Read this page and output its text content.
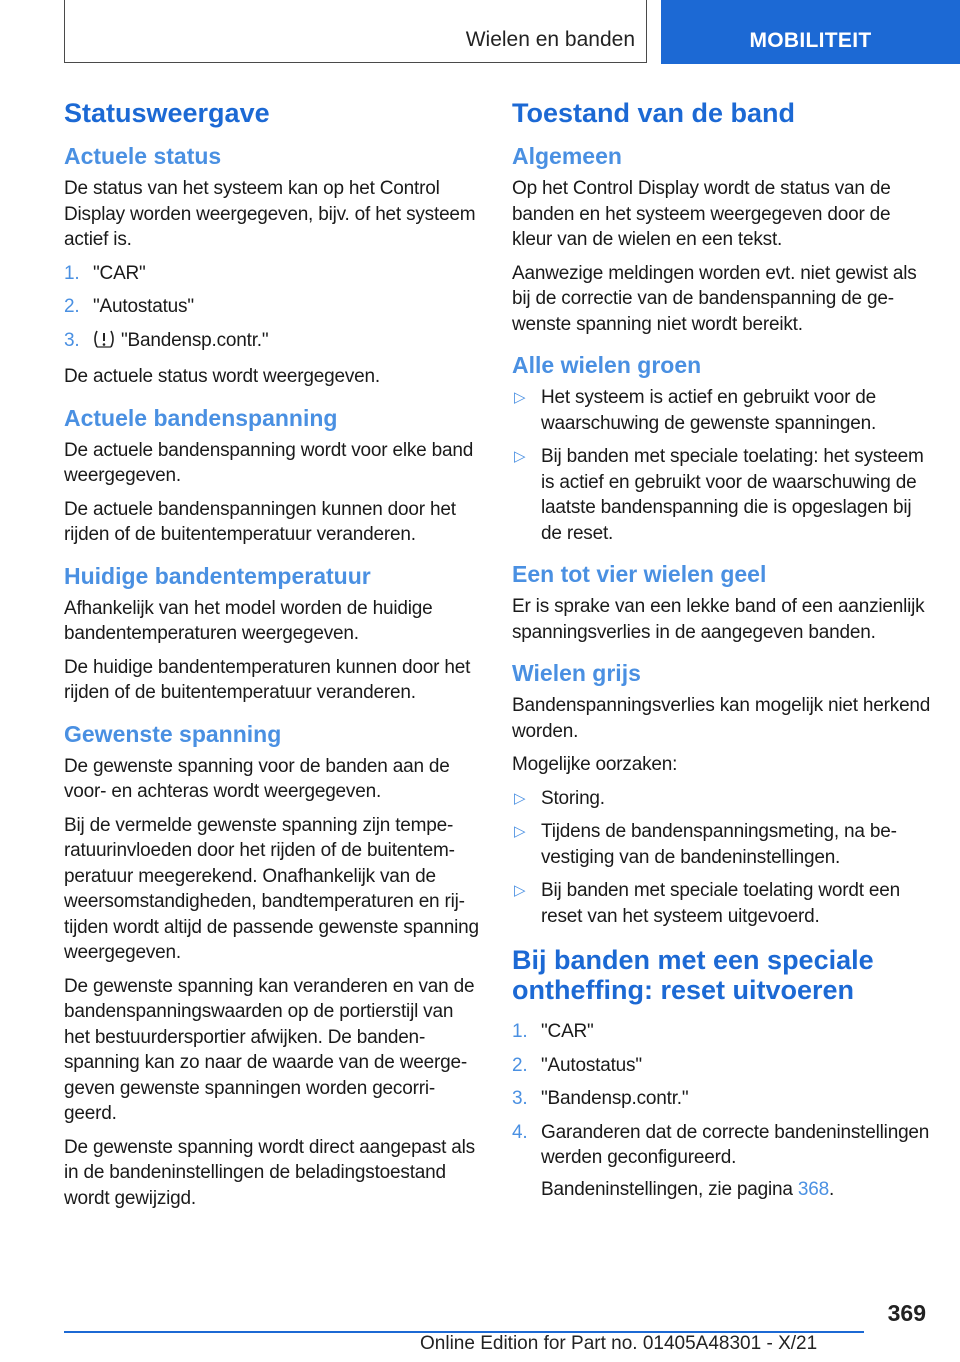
Wielen en banden	MOBILITEIT
Statusweergave
Actuele status

De status van het systeem kan op het Control Display worden weergegeven, bijv. of het systeem actief is.

1. "CAR"
2. "Autostatus"
3. "Bandensp.contr."

De actuele status wordt weergegeven.

Actuele bandenspanning

De actuele bandenspanning wordt voor elke band weergegeven.

De actuele bandenspanningen kunnen door het rijden of de buitentemperatuur veranderen.

Huidige bandentemperatuur

Afhankelijk van het model worden de huidige bandentemperaturen weergegeven.

De huidige bandentemperaturen kunnen door het rijden of de buitentemperatuur veranderen.

Gewenste spanning

De gewenste spanning voor de banden aan de voor- en achteras wordt weergegeven.

Bij de vermelde gewenste spanning zijn temperatuurinvloeden door het rijden of de buitentemperatuur meegerekend. Onafhankelijk van de weersomstandigheden, bandtemperaturen en rijtijden wordt altijd de passende gewenste spanning weergegeven.

De gewenste spanning kan veranderen en van de bandenspanningswaarden op de portierstijl van het bestuurdersportier afwijken. De bandenspanning kan zo naar de waarde van de weergegeven gewenste spanningen worden gecorrigeerd.

De gewenste spanning wordt direct aangepast als in de bandeninstellingen de beladingstoestand wordt gewijzigd.

Toestand van de band
Algemeen

Op het Control Display wordt de status van de banden en het systeem weergegeven door de kleur van de wielen en een tekst.

Aanwezige meldingen worden evt. niet gewist als bij de correctie van de bandenspanning de gewenste spanning niet wordt bereikt.

Alle wielen groen
▷ Het systeem is actief en gebruikt voor de waarschuwing de gewenste spanningen.
▷ Bij banden met speciale toelating: het systeem is actief en gebruikt voor de waarschuwing de laatste bandenspanning die is opgeslagen bij de reset.
Een tot vier wielen geel

Er is sprake van een lekke band of een aanzienlijk spanningsverlies in de aangegeven banden.

Wielen grijs

Bandenspanningsverlies kan mogelijk niet herkend worden.

Mogelijke oorzaken:

▷ Storing.
▷ Tijdens de bandenspanningsmeting, na bevestiging van de bandeninstellingen.
▷ Bij banden met speciale toelating wordt een reset van het systeem uitgevoerd.
Bij banden met een speciale ontheffing: reset uitvoeren
1. "CAR"
2. "Autostatus"
3. "Bandensp.contr."
4. Garanderen dat de correcte bandeninstellingen werden geconfigureerd.
Bandeninstellingen, zie pagina 368.
369
Online Edition for Part no. 01405A48301 - X/21
